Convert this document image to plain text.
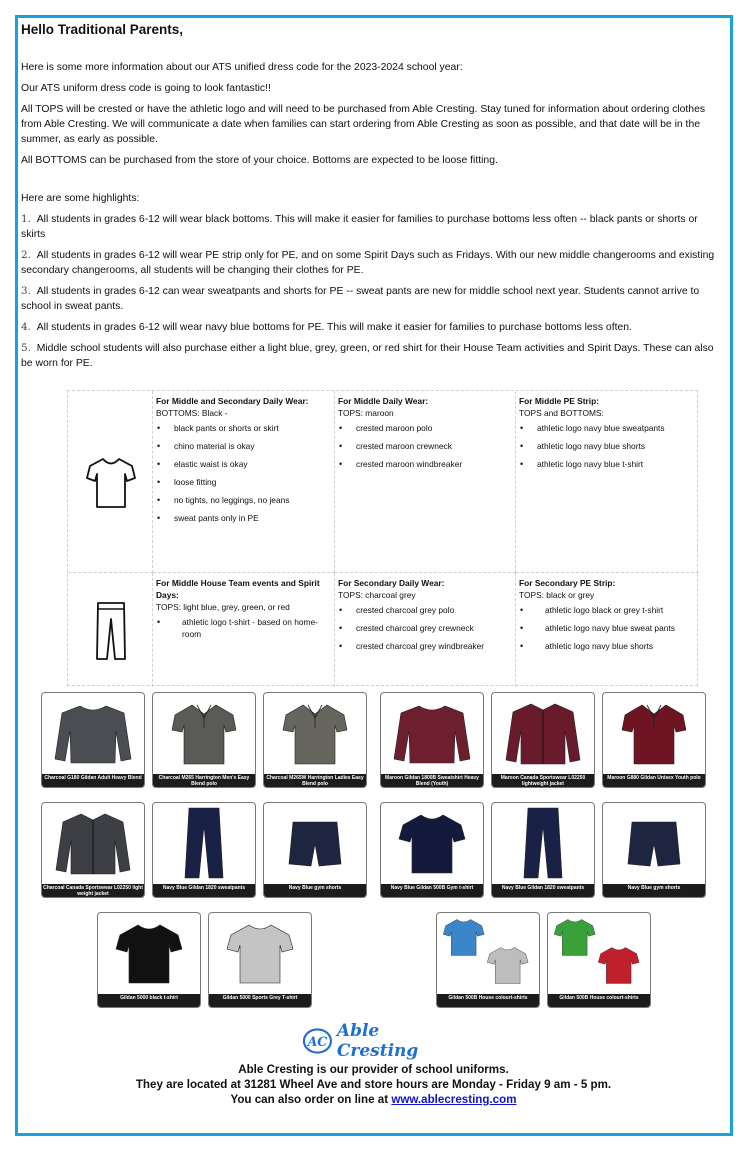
Hello Traditional Parents,

Here is some more information about our ATS unified dress code for the 2023-2024 school year:

Our ATS uniform dress code is going to look fantastic!!

All TOPS will be crested or have the athletic logo and will need to be purchased from Able Cresting. Stay tuned for information about ordering clothes from Able Cresting. We will communicate a date when families can start ordering from Able Cresting as soon as possible, and that date will be in the summer, as early as possible.

All BOTTOMS can be purchased from the store of your choice. Bottoms are expected to be loose fitting.

Here are some highlights:

1. All students in grades 6-12 will wear black bottoms. This will make it easier for families to purchase bottoms less often -- black pants or shorts or skirts

2. All students in grades 6-12 will wear PE strip only for PE, and on some Spirit Days such as Fridays. With our new middle changerooms and existing secondary changerooms, all students will be changing their clothes for PE.

3. All students in grades 6-12 can wear sweatpants and shorts for PE -- sweat pants are new for middle school next year. Students cannot arrive to school in sweat pants.

4. All students in grades 6-12 will wear navy blue bottoms for PE. This will make it easier for families to purchase bottoms less often.

5. Middle school students will also purchase either a light blue, grey, green, or red shirt for their House Team activities and Spirit Days. These can also be worn for PE.

For Middle and Secondary Daily Wear:
BOTTOMS: Black -
• black pants or shorts or skirt
• chino material is okay
• elastic waist is okay
• loose fitting
• no tights, no leggings, no jeans
• sweat pants only in PE
For Middle Daily Wear:
TOPS: maroon
• crested maroon polo
• crested maroon crewneck
• crested maroon windbreaker
For Middle PE Strip:
TOPS and BOTTOMS:
• athletic logo navy blue sweatpants
• athletic logo navy blue shorts
• athletic logo navy blue t-shirt
For Middle House Team events and Spirit Days:
TOPS: light blue, grey, green, or red
• athletic logo t-shirt - based on home-room
For Secondary Daily Wear:
TOPS: charcoal grey
• crested charcoal grey polo
• crested charcoal grey crewneck
• crested charcoal grey windbreaker
For Secondary PE Strip:
TOPS: black or grey
• athletic logo black or grey t-shirt
• athletic logo navy blue sweat pants
• athletic logo navy blue shorts
Charcoal G180 Gildan Adult Heavy Blend	Charcoal M265 Harrington Men's Easy Blend polo
Charcoal M265W Harrington Ladies Easy Blend polo
Maroon Gildan 1800B Sweatshirt Heavy Blend (Youth)
Maroon Canada Sportswear L02250 lightweight jacket
Maroon G880 Gildan Unisex Youth polo
Charcoal Canada Sportswear L02250 light weight jacket
Navy Blue Gildan 1820 sweatpants	Navy Blue gym shorts	Navy Blue Gildan 500B Gym t-shirt	Navy Blue Gildan 1820 sweatpants	Navy Blue gym shorts
Gildan 5000 black t-shirt	Gildan 5000 Sports Grey T-shirt	Gildan 500B House colourt-shirts	Gildan 500B House colourt-shirts
AC
Able Cresting
Able Cresting is our provider of school uniforms.
They are located at 31281 Wheel Ave and store hours are Monday - Friday 9 am - 5 pm.
You can also order on line at www.ablecresting.com
